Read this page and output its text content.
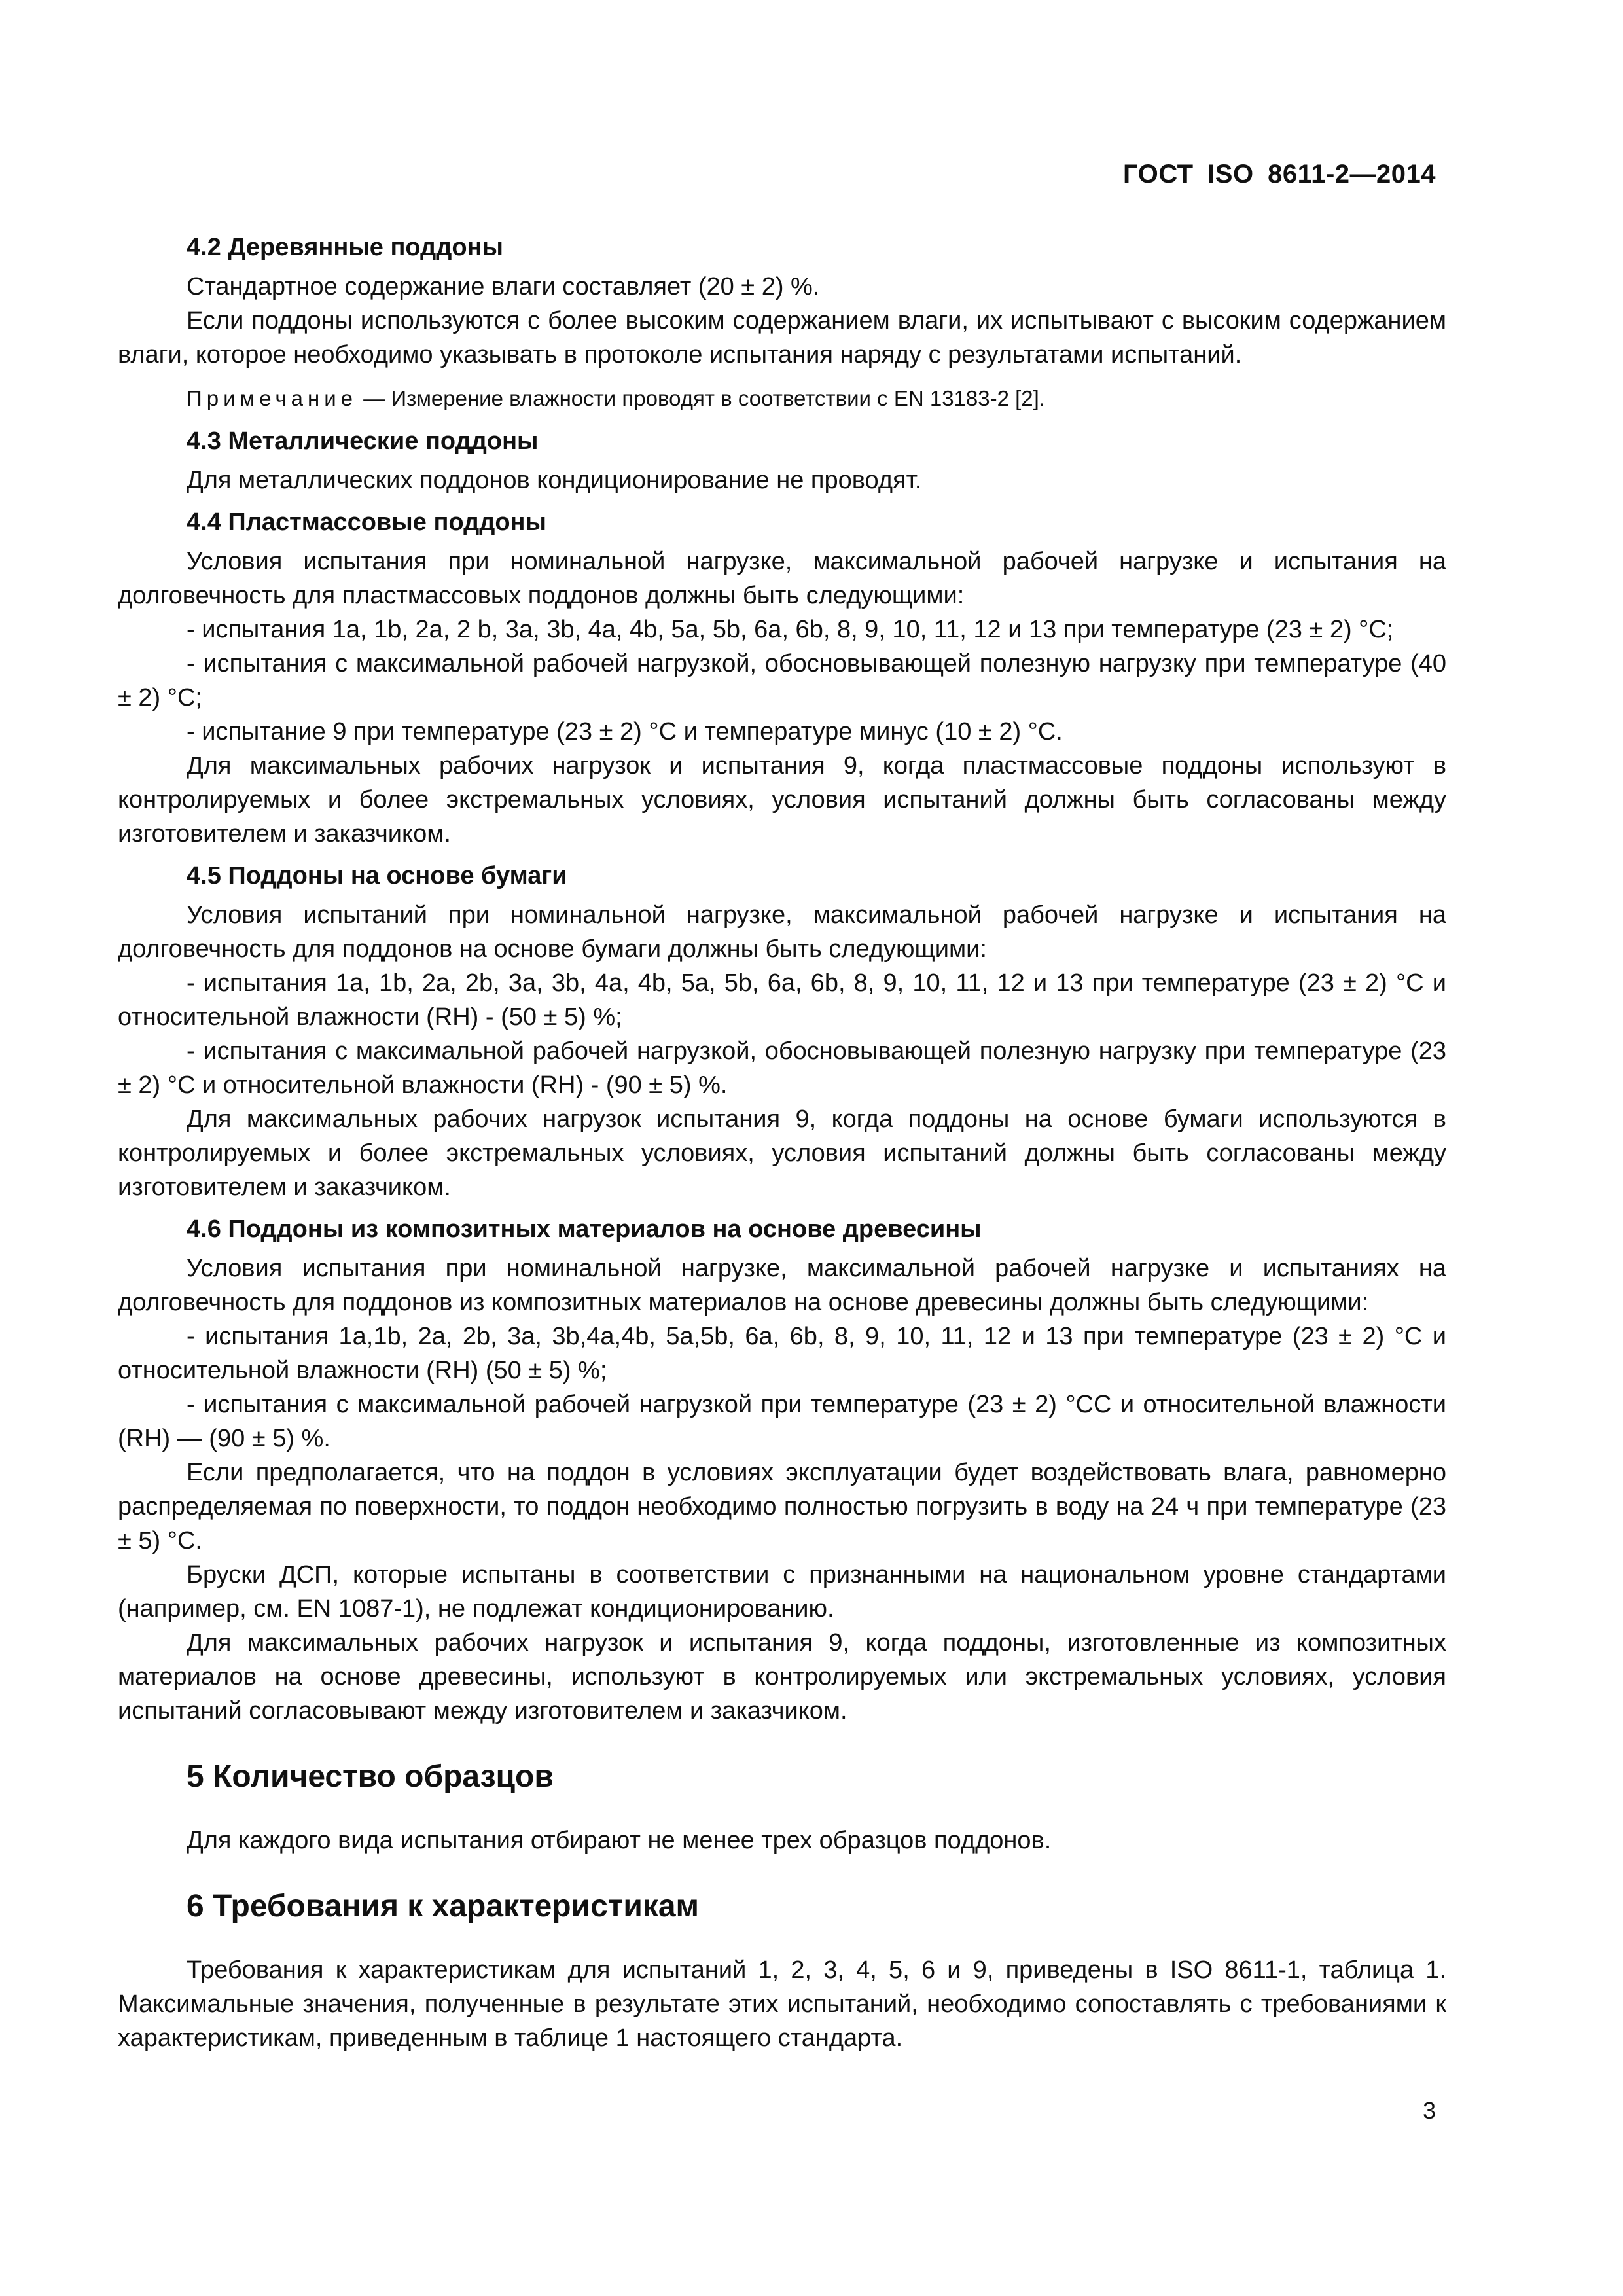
ГОСТ ISO 8611-2—2014
4.2 Деревянные поддоны

Стандартное содержание влаги составляет (20 ± 2) %.

Если поддоны используются с более высоким содержанием влаги, их испытывают с высоким содержанием влаги, которое необходимо указывать в протоколе испытания наряду с результатами испытаний.

Примечание — Измерение влажности проводят в соответствии с EN 13183-2 [2].
4.3 Металлические поддоны

Для металлических поддонов кондиционирование не проводят.

4.4 Пластмассовые поддоны

Условия испытания при номинальной нагрузке, максимальной рабочей нагрузке и испытания на долговечность для пластмассовых поддонов должны быть следующими:

- испытания 1a, 1b, 2a, 2 b, 3a, 3b, 4a, 4b, 5a, 5b, 6a, 6b, 8, 9, 10, 11, 12 и 13 при температуре (23 ± 2) °С;

- испытания с максимальной рабочей нагрузкой, обосновывающей полезную нагрузку при температуре (40 ± 2) °С;

- испытание 9 при температуре (23 ± 2) °С и температуре минус (10 ± 2) °С.

Для максимальных рабочих нагрузок и испытания 9, когда пластмассовые поддоны используют в контролируемых и более экстремальных условиях, условия испытаний должны быть согласованы между изготовителем и заказчиком.

4.5 Поддоны на основе бумаги

Условия испытаний при номинальной нагрузке, максимальной рабочей нагрузке и испытания на долговечность для поддонов на основе бумаги должны быть следующими:

- испытания 1a, 1b, 2a, 2b, 3a, 3b, 4a, 4b, 5a, 5b, 6a, 6b, 8, 9, 10, 11, 12 и 13 при температуре (23 ± 2) °С и относительной влажности (RH) - (50 ± 5) %;

- испытания с максимальной рабочей нагрузкой, обосновывающей полезную нагрузку при температуре (23 ± 2) °С и относительной влажности (RH) - (90 ± 5) %.

Для максимальных рабочих нагрузок испытания 9, когда поддоны на основе бумаги используются в контролируемых и более экстремальных условиях, условия испытаний должны быть согласованы между изготовителем и заказчиком.

4.6 Поддоны из композитных материалов на основе древесины

Условия испытания при номинальной нагрузке, максимальной рабочей нагрузке и испытаниях на долговечность для поддонов из композитных материалов на основе древесины должны быть следующими:

- испытания 1a,1b, 2a, 2b, 3a, 3b,4a,4b, 5a,5b, 6a, 6b, 8, 9, 10, 11, 12 и 13 при температуре (23 ± 2) °С и относительной влажности (RH) (50 ± 5) %;

- испытания с максимальной рабочей нагрузкой при температуре (23 ± 2) °СС и относительной влажности (RH) — (90 ± 5) %.

Если предполагается, что на поддон в условиях эксплуатации будет воздействовать влага, равномерно распределяемая по поверхности, то поддон необходимо полностью погрузить в воду на 24 ч при температуре (23 ± 5) °С.

Бруски ДСП, которые испытаны в соответствии с признанными на национальном уровне стандартами (например, см. EN 1087-1), не подлежат кондиционированию.

Для максимальных рабочих нагрузок и испытания 9, когда поддоны, изготовленные из композитных материалов на основе древесины, используют в контролируемых или экстремальных условиях, условия испытаний согласовывают между изготовителем и заказчиком.

5 Количество образцов

Для каждого вида испытания отбирают не менее трех образцов поддонов.

6 Требования к характеристикам

Требования к характеристикам для испытаний 1, 2, 3, 4, 5, 6 и 9, приведены в ISO 8611-1, таблица 1. Максимальные значения, полученные в результате этих испытаний, необходимо сопоставлять с требованиями к характеристикам, приведенным в таблице 1 настоящего стандарта.

3
